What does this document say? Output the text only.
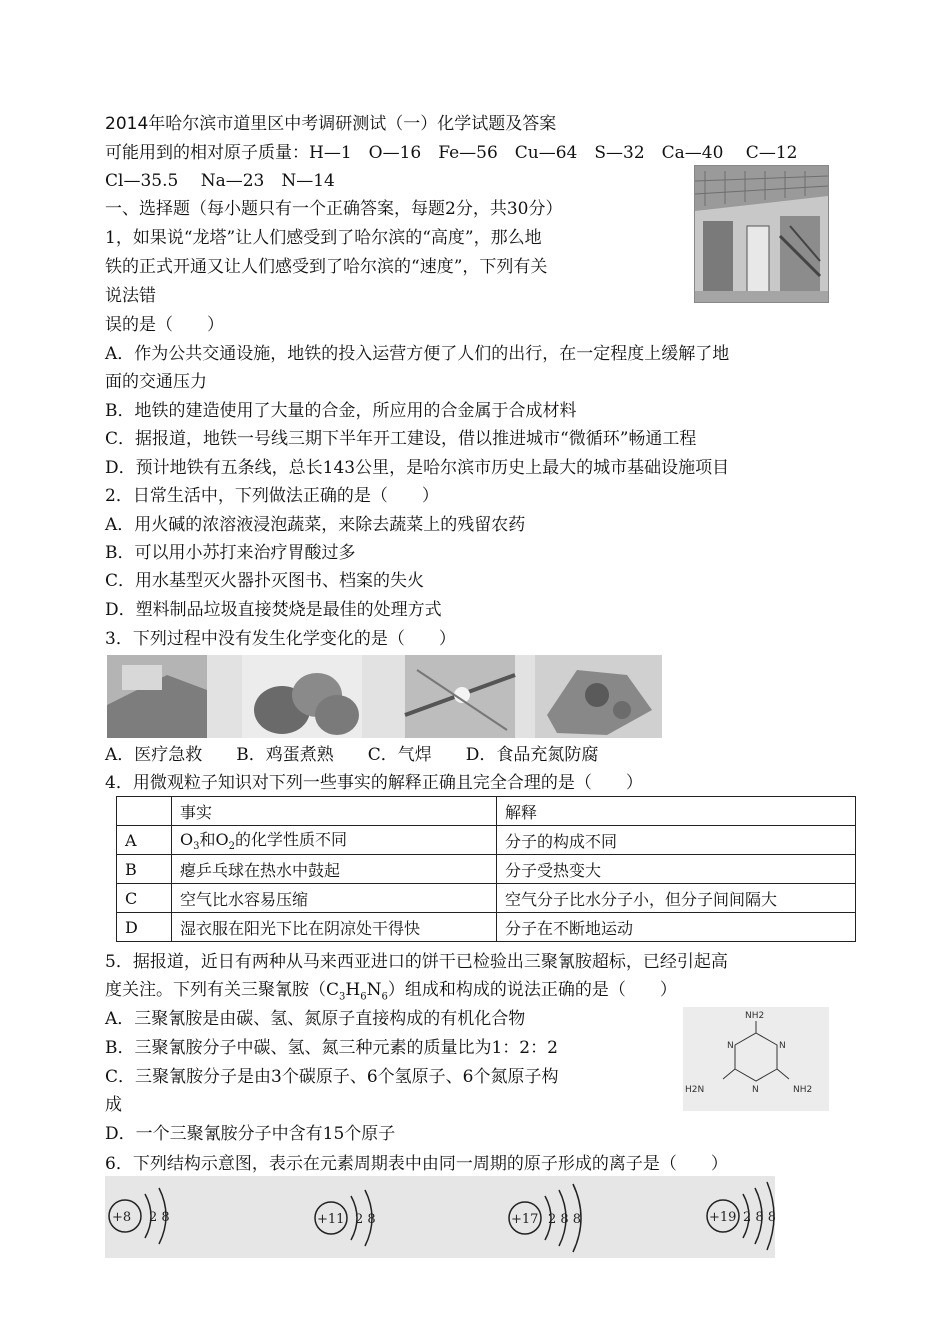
2014年哈尔滨市道里区中考调研测试（一）化学试题及答案
可能用到的相对原子质量：H—1　O—16　Fe—56　Cu—64　S—32　Ca—40　 C—12
Cl—35.5　 Na—23　N—14
一、选择题（每小题只有一个正确答案，每题2分，共30分）
1，如果说“龙塔”让人们感受到了哈尔滨的“高度”，那么地
铁的正式开通又让人们感受到了哈尔滨的“速度”，下列有关
说法错
误的是（　　）
A．作为公共交通设施，地铁的投入运营方便了人们的出行，在一定程度上缓解了地
面的交通压力
B．地铁的建造使用了大量的合金，所应用的合金属于合成材料
C．据报道，地铁一号线三期下半年开工建设，借以推进城市“微循环”畅通工程
D．预计地铁有五条线，总长143公里，是哈尔滨市历史上最大的城市基础设施项目
2．日常生活中，下列做法正确的是（　　）
A．用火碱的浓溶液浸泡蔬菜，来除去蔬菜上的残留农药
B．可以用小苏打来治疗胃酸过多
C．用水基型灭火器扑灭图书、档案的失火
D．塑料制品垃圾直接焚烧是最佳的处理方式
3．下列过程中没有发生化学变化的是（　　）
A．医疗急救　　B．鸡蛋煮熟　　C．气焊　　D．食品充氮防腐
4．用微观粒子知识对下列一些事实的解释正确且完全合理的是（　　）
	事实	解释
A	$O_3$和$O_2$的化学性质不同	分子的构成不同
B	瘪乒乓球在热水中鼓起	分子受热变大
C	空气比水容易压缩	空气分子比水分子小，但分子间间隔大
D	湿衣服在阳光下比在阴凉处干得快	分子在不断地运动
5．据报道，近日有两种从马来西亚进口的饼干已检验出三聚氰胺超标，已经引起高
度关注。下列有关三聚氰胺$(C_3H_6N_6)$组成和构成的说法正确的是（　　）
A．三聚氰胺是由碳、氢、氮原子直接构成的有机化合物
B．三聚氰胺分子中碳、氢、氮三种元素的质量比为1：2：2
C．三聚氰胺分子是由3个碳原子、6个氢原子、6个氮原子构
成
D．一个三聚氰胺分子中含有15个原子
NH2
H2N	NH2
N	N
N
6．下列结构示意图，表示在元素周期表中由同一周期的原子形成的离子是（　　）
+8 2 8	+11 2 8	+17 2 8 8	+19 2 8 8
